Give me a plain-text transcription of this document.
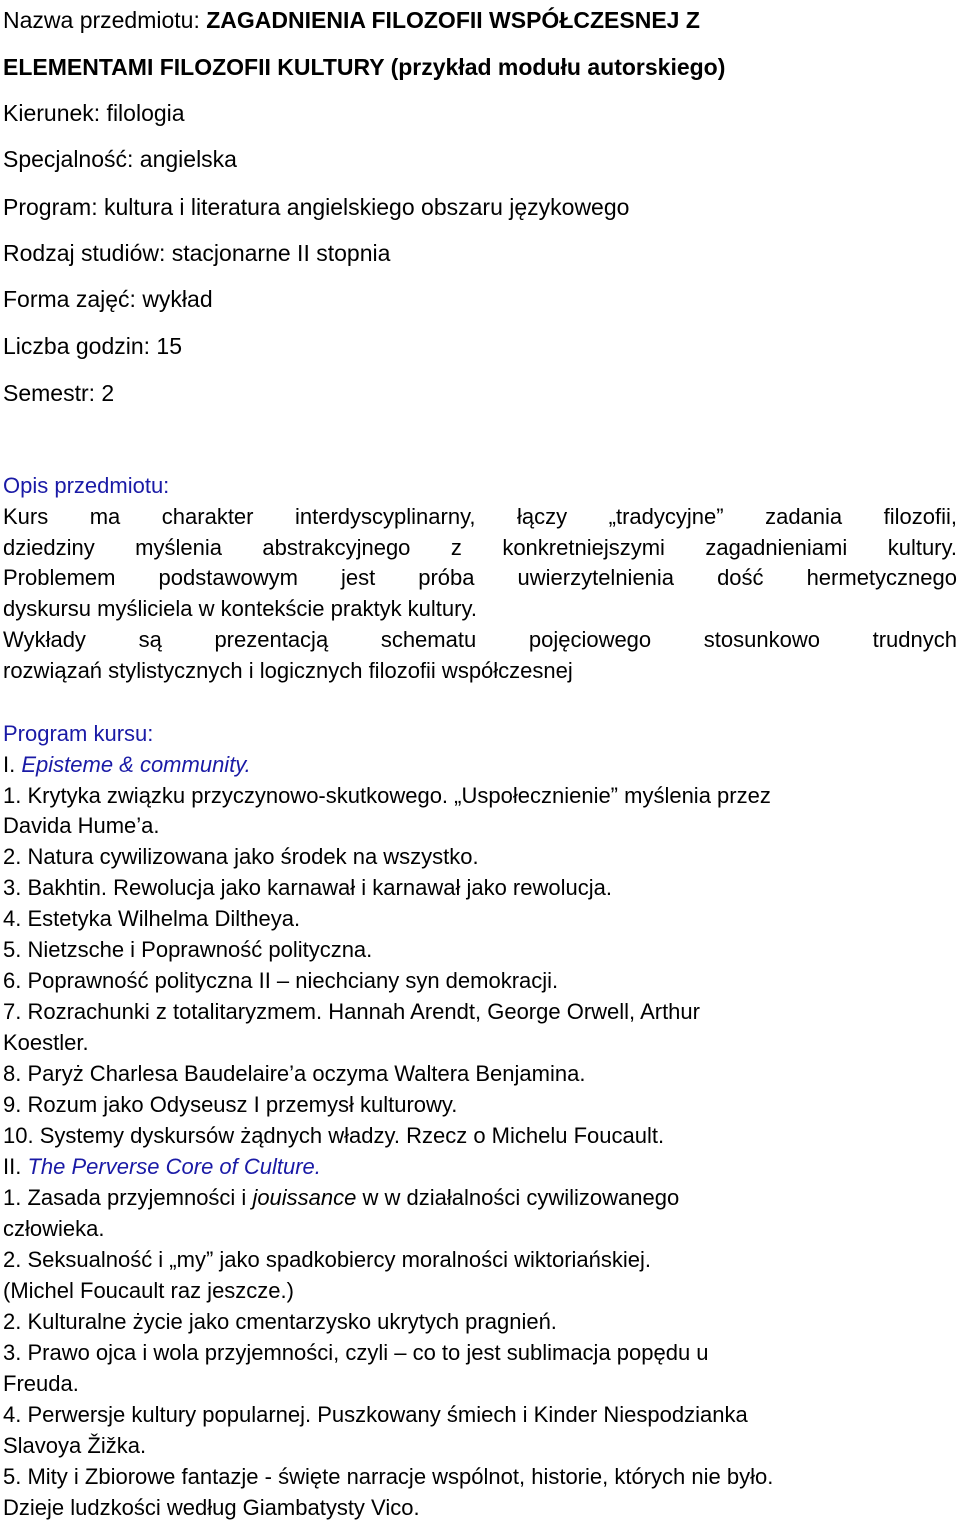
Nazwa przedmiotu: ZAGADNIENIA FILOZOFII WSPÓŁCZESNEJ Z
ELEMENTAMI FILOZOFII KULTURY (przykład modułu autorskiego)
Kierunek: filologia
Specjalność: angielska
Program: kultura i literatura angielskiego obszaru językowego
Rodzaj studiów: stacjonarne II stopnia
Forma zajęć: wykład
Liczba godzin: 15
Semestr: 2
Opis przedmiotu:
Kurs ma charakter interdyscyplinarny, łączy „tradycyjne” zadania filozofii,
dziedziny myślenia abstrakcyjnego z konkretniejszymi zagadnieniami kultury.
Problemem podstawowym jest próba uwierzytelnienia dość hermetycznego
dyskursu myśliciela w kontekście praktyk kultury.
Wykłady są prezentacją schematu pojęciowego stosunkowo trudnych
rozwiązań stylistycznych i logicznych filozofii współczesnej
Program kursu:
I. Episteme & community.
1. Krytyka związku przyczynowo-skutkowego. „Uspołecznienie” myślenia przez
Davida Hume’a.
2. Natura cywilizowana jako środek na wszystko.
3. Bakhtin. Rewolucja jako karnawał i karnawał jako rewolucja.
4. Estetyka Wilhelma Diltheya.
5. Nietzsche i Poprawność polityczna.
6. Poprawność polityczna II – niechciany syn demokracji.
7. Rozrachunki z totalitaryzmem. Hannah Arendt, George Orwell, Arthur
Koestler.
8. Paryż Charlesa Baudelaire’a oczyma Waltera Benjamina.
9. Rozum jako Odyseusz I przemysł kulturowy.
10. Systemy dyskursów żądnych władzy. Rzecz o Michelu Foucault.
II. The Perverse Core of Culture.
1. Zasada przyjemności i jouissance w w działalności cywilizowanego
człowieka.
2. Seksualność i „my” jako spadkobiercy moralności wiktoriańskiej.
(Michel Foucault raz jeszcze.)
2. Kulturalne życie jako cmentarzysko ukrytych pragnień.
3. Prawo ojca i wola przyjemności, czyli – co to jest sublimacja popędu u
Freuda.
4. Perwersje kultury popularnej. Puszkowany śmiech i Kinder Niespodzianka
Slavoya Žižka.
5. Mity i Zbiorowe fantazje - święte narracje wspólnot, historie, których nie było.
Dzieje ludzkości według Giambatysty Vico.
